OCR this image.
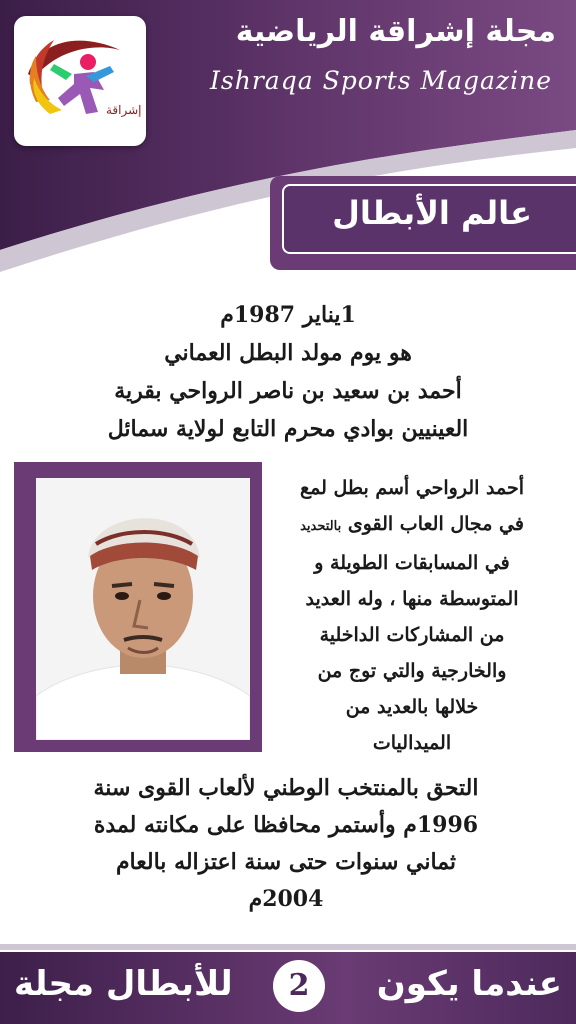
إشراقة
مجلة إشراقة الرياضية
Ishraqa Sports Magazine
عالم الأبطال
1يناير 1987م
هو يوم مولد البطل العماني
أحمد بن سعيد بن ناصر الرواحي بقرية
العينيين بوادي محرم التابع لولاية سمائل
أحمد الرواحي أسم بطل لمع
في مجال العاب القوى بالتحديد
في المسابقات الطويلة و
المتوسطة منها ، وله العديد
من المشاركات الداخلية
والخارجية والتي توج من
خلالها بالعديد من
الميداليات
التحق بالمنتخب الوطني لألعاب القوى سنة
1996م وأستمر محافظا على مكانته لمدة
ثماني سنوات حتى سنة اعتزاله بالعام
2004م
عندما يكون
2
للأبطال مجلة
